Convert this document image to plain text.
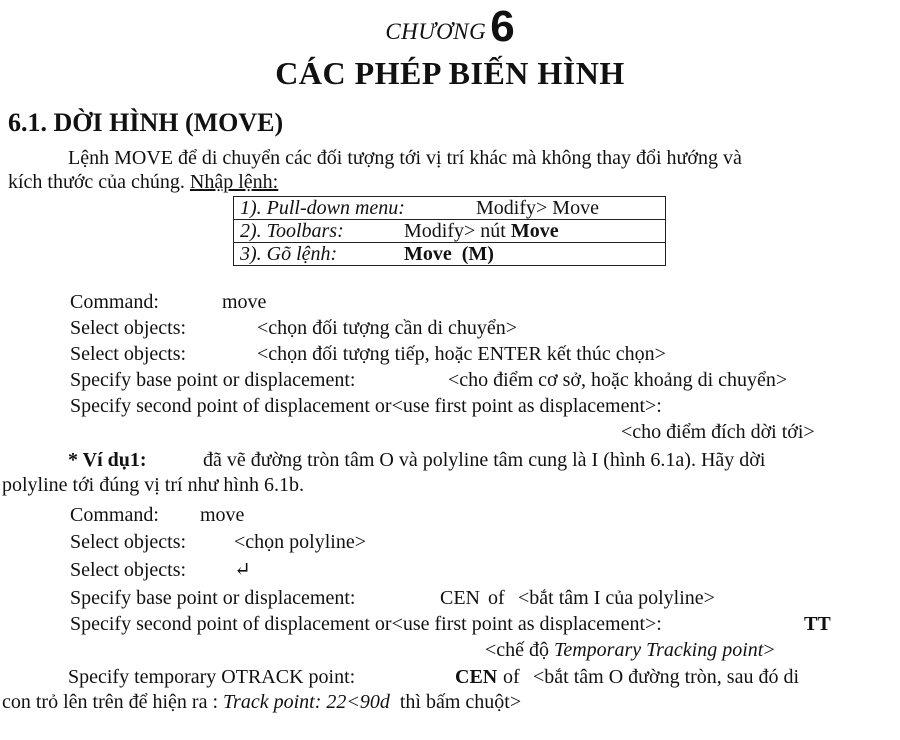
CHƯƠNG6
CÁC PHÉP BIẾN HÌNH
6.1. DỜI HÌNH (MOVE)
Lệnh MOVE để di chuyển các đối tượng tới vị trí khác mà không thay đổi hướng và
kích thước của chúng. Nhập lệnh:
1). Pull-down menu:	Modify> Move
2). Toolbars:	Modify> nút Move
3). Gõ lệnh:	Move  (M)
Command:	move
Select objects:	<chọn đối tượng cần di chuyển>
Select objects:	<chọn đối tượng tiếp, hoặc ENTER kết thúc chọn>
Specify base point or displacement:	<cho điểm cơ sở, hoặc khoảng di chuyển>
Specify second point of displacement or<use first point as displacement>:
<cho điểm đích dời tới>
* Ví dụ1:	đã vẽ đường tròn tâm O và polyline tâm cung là I (hình 6.1a). Hãy dời
polyline tới đúng vị trí như hình 6.1b.
Command: move
Select objects: <chọn polyline>
Select objects: ↵
Specify base point or displacement:	CEN of <bắt tâm I của polyline>
Specify second point of displacement or<use first point as displacement>:	TT
<chế độ Temporary Tracking point>
Specify temporary OTRACK point:	CEN of <bắt tâm O đường tròn, sau đó di
con trỏ lên trên để hiện ra : Track point: 22<90d  thì bấm chuột>
